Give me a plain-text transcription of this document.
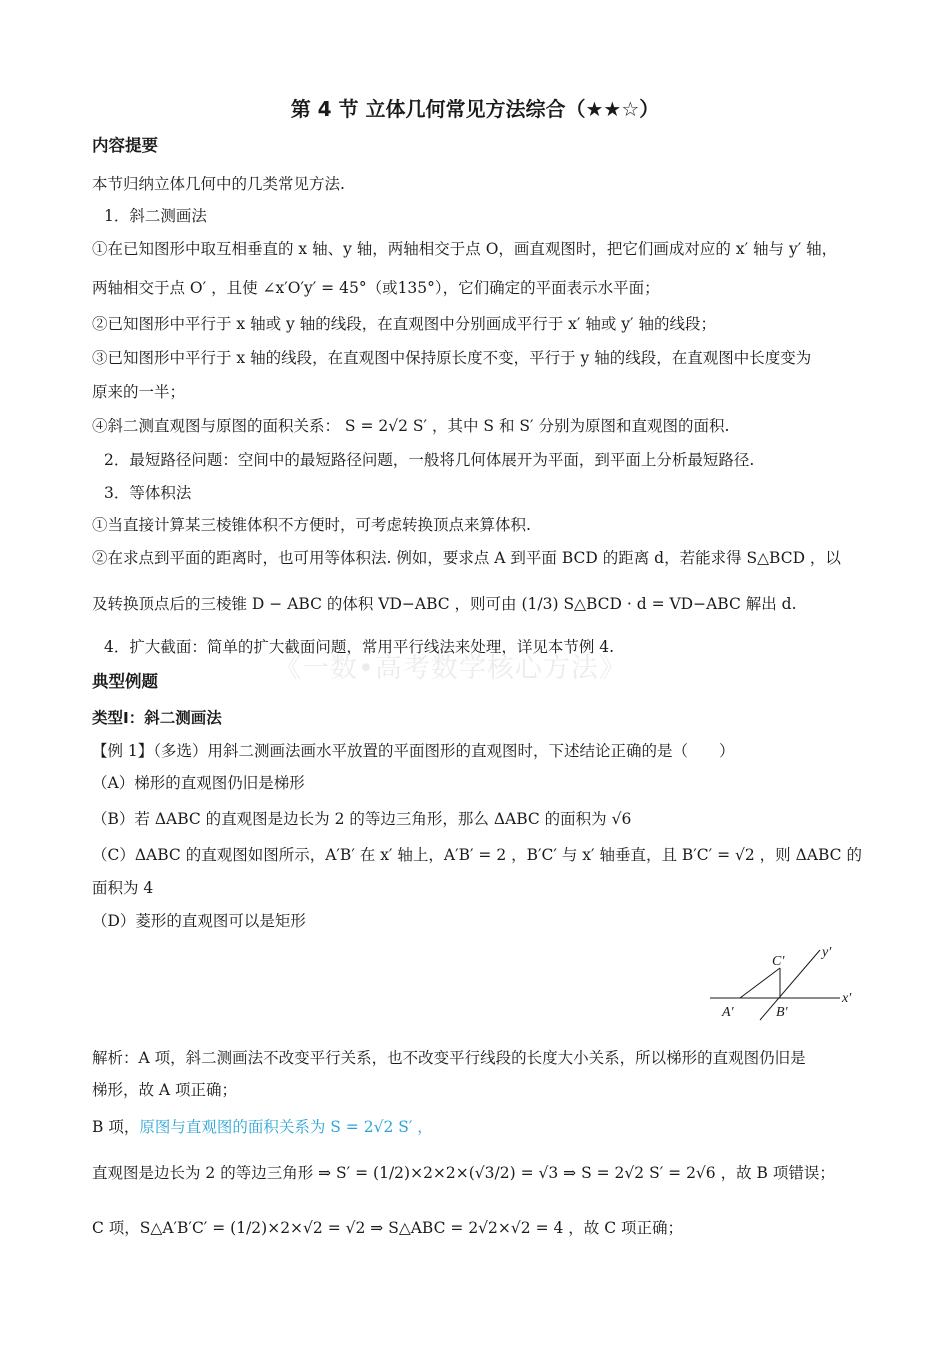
第 4 节 立体几何常见方法综合（★★☆）
内容提要
本节归纳立体几何中的几类常见方法.
1．斜二测画法
①在已知图形中取互相垂直的 x 轴、y 轴，两轴相交于点 O，画直观图时，把它们画成对应的 x′ 轴与 y′ 轴，
两轴相交于点 O′ ，且使 ∠x′O′y′ = 45°（或135°），它们确定的平面表示水平面；
②已知图形中平行于 x 轴或 y 轴的线段，在直观图中分别画成平行于 x′ 轴或 y′ 轴的线段；
③已知图形中平行于 x 轴的线段，在直观图中保持原长度不变，平行于 y 轴的线段，在直观图中长度变为
原来的一半；
④斜二测直观图与原图的面积关系： S = 2√2 S′ ，其中 S 和 S′ 分别为原图和直观图的面积.
2．最短路径问题：空间中的最短路径问题，一般将几何体展开为平面，到平面上分析最短路径.
3．等体积法
①当直接计算某三棱锥体积不方便时，可考虑转换顶点来算体积.
②在求点到平面的距离时，也可用等体积法. 例如，要求点 A 到平面 BCD 的距离 d，若能求得 S△BCD ，以
及转换顶点后的三棱锥 D − ABC 的体积 VD−ABC ，则可由 (1/3) S△BCD · d = VD−ABC 解出 d.
4．扩大截面：简单的扩大截面问题，常用平行线法来处理，详见本节例 4.
《一数•高考数学核心方法》
典型例题
类型Ⅰ：斜二测画法
【例 1】（多选）用斜二测画法画水平放置的平面图形的直观图时，下述结论正确的是（　　）
（A）梯形的直观图仍旧是梯形
（B）若 ΔABC 的直观图是边长为 2 的等边三角形，那么 ΔABC 的面积为 √6
（C）ΔABC 的直观图如图所示，A′B′ 在 x′ 轴上，A′B′ = 2 ，B′C′ 与 x′ 轴垂直，且 B′C′ = √2 ，则 ΔABC 的
面积为 4
（D）菱形的直观图可以是矩形
C′
y′
x′
A′	B′
解析：A 项，斜二测画法不改变平行关系，也不改变平行线段的长度大小关系，所以梯形的直观图仍旧是
梯形，故 A 项正确；
B 项，原图与直观图的面积关系为 S = 2√2 S′ ，
直观图是边长为 2 的等边三角形 ⇒ S′ = (1/2)×2×2×(√3/2) = √3 ⇒ S = 2√2 S′ = 2√6 ，故 B 项错误；
C 项，S△A′B′C′ = (1/2)×2×√2 = √2 ⇒ S△ABC = 2√2×√2 = 4 ，故 C 项正确；
